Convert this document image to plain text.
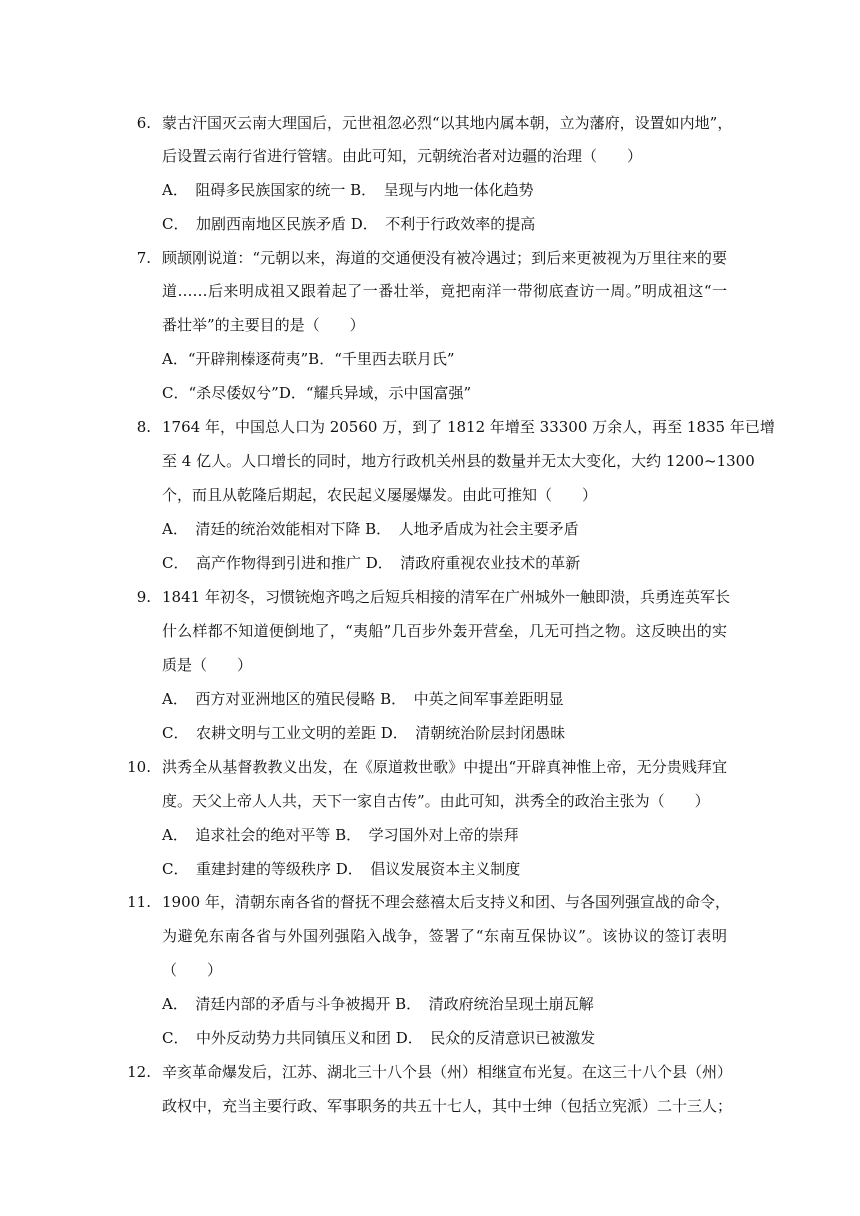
6. 蒙古汗国灭云南大理国后，元世祖忽必烈“以其地内属本朝，立为藩府，设置如内地”，
后设置云南行省进行管辖。由此可知，元朝统治者对边疆的治理（　　）
A．　阻碍多民族国家的统一 B．　呈现与内地一体化趋势
C．　加剧西南地区民族矛盾 D．　不利于行政效率的提高
7. 顾颉刚说道：“元朝以来，海道的交通便没有被冷遇过；到后来更被视为万里往来的要
道……后来明成祖又跟着起了一番壮举，竟把南洋一带彻底查访一周。”明成祖这“一
番壮举”的主要目的是（　　）
A．“开辟荆榛逐荷夷”B．“千里西去联月氏”
C．“杀尽倭奴兮”D．“耀兵异域，示中国富强”
8. 1764 年，中国总人口为 20560 万，到了 1812 年增至 33300 万余人，再至 1835 年已增
至 4 亿人。人口增长的同时，地方行政机关州县的数量并无太大变化，大约 1200~1300
个，而且从乾隆后期起，农民起义屡屡爆发。由此可推知（　　）
A．　清廷的统治效能相对下降 B．　人地矛盾成为社会主要矛盾
C．　高产作物得到引进和推广 D．　清政府重视农业技术的革新
9. 1841 年初冬，习惯铳炮齐鸣之后短兵相接的清军在广州城外一触即溃，兵勇连英军长
什么样都不知道便倒地了，“夷船”几百步外轰开营垒，几无可挡之物。这反映出的实
质是（　　）
A．　西方对亚洲地区的殖民侵略 B．　中英之间军事差距明显
C．　农耕文明与工业文明的差距 D．　清朝统治阶层封闭愚昧
10. 洪秀全从基督教教义出发，在《原道救世歌》中提出“开辟真神惟上帝，无分贵贱拜宜
度。天父上帝人人共，天下一家自古传”。由此可知，洪秀全的政治主张为（　　）
A．　追求社会的绝对平等 B．　学习国外对上帝的崇拜
C．　重建封建的等级秩序 D．　倡议发展资本主义制度
11. 1900 年，清朝东南各省的督抚不理会慈禧太后支持义和团、与各国列强宣战的命令，
为避免东南各省与外国列强陷入战争，签署了“东南互保协议”。该协议的签订表明
（　　）
A．　清廷内部的矛盾与斗争被揭开 B．　清政府统治呈现土崩瓦解
C．　中外反动势力共同镇压义和团 D．　民众的反清意识已被激发
12. 辛亥革命爆发后，江苏、湖北三十八个县（州）相继宣布光复。在这三十八个县（州）
政权中，充当主要行政、军事职务的共五十七人，其中士绅（包括立宪派）二十三人；
